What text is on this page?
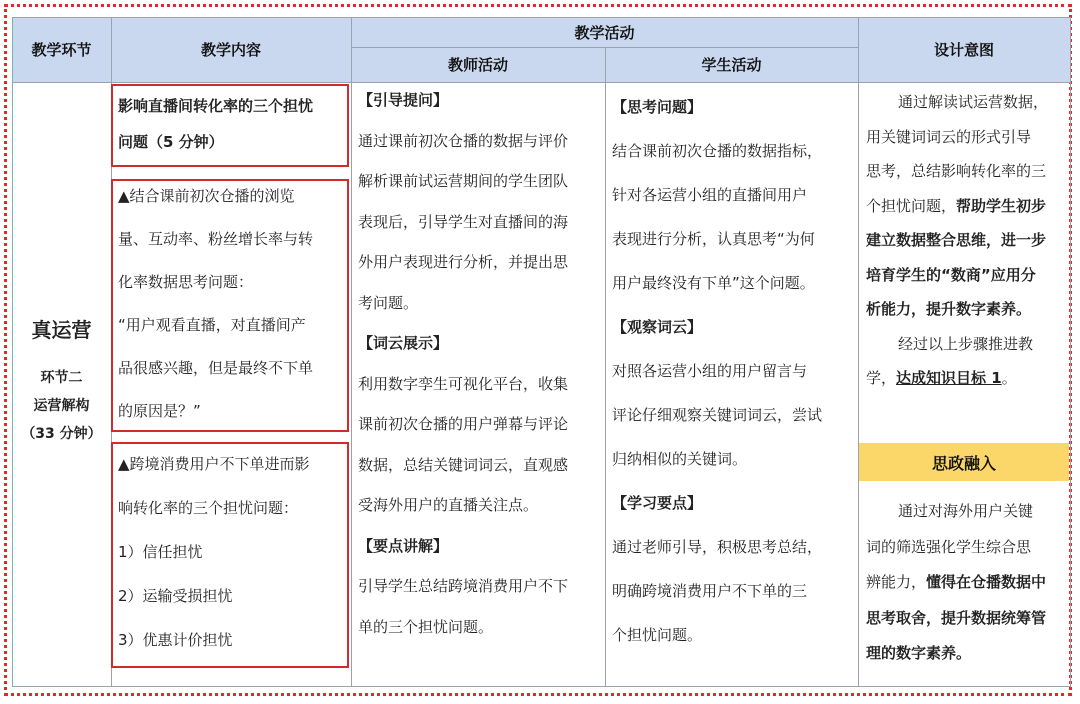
教学环节	教学内容
教学活动
教师活动	学生活动
设计意图
真运营
环节二
运营解构
（33 分钟）
影响直播间转化率的三个担忧
问题（5 分钟）
▲结合课前初次仓播的浏览
量、互动率、粉丝增长率与转
化率数据思考问题：
“用户观看直播，对直播间产
品很感兴趣，但是最终不下单
的原因是？”
▲跨境消费用户不下单进而影
响转化率的三个担忧问题：
1）信任担忧
2）运输受损担忧
3）优惠计价担忧
【引导提问】
通过课前初次仓播的数据与评价
解析课前试运营期间的学生团队
表现后，引导学生对直播间的海
外用户表现进行分析，并提出思
考问题。
【词云展示】
利用数字孪生可视化平台，收集
课前初次仓播的用户弹幕与评论
数据，总结关键词词云，直观感
受海外用户的直播关注点。
【要点讲解】
引导学生总结跨境消费用户不下
单的三个担忧问题。
【思考问题】
结合课前初次仓播的数据指标，
针对各运营小组的直播间用户
表现进行分析，认真思考“为何
用户最终没有下单”这个问题。
【观察词云】
对照各运营小组的用户留言与
评论仔细观察关键词词云，尝试
归纳相似的关键词。
【学习要点】
通过老师引导，积极思考总结，
明确跨境消费用户不下单的三
个担忧问题。
通过解读试运营数据，
用关键词词云的形式引导
思考，总结影响转化率的三
个担忧问题，帮助学生初步
建立数据整合思维，进一步
培育学生的“数商”应用分
析能力，提升数字素养。
经过以上步骤推进教
学，达成知识目标 1。
思政融入
通过对海外用户关键
词的筛选强化学生综合思
辨能力，懂得在仓播数据中
思考取舍，提升数据统筹管
理的数字素养。
